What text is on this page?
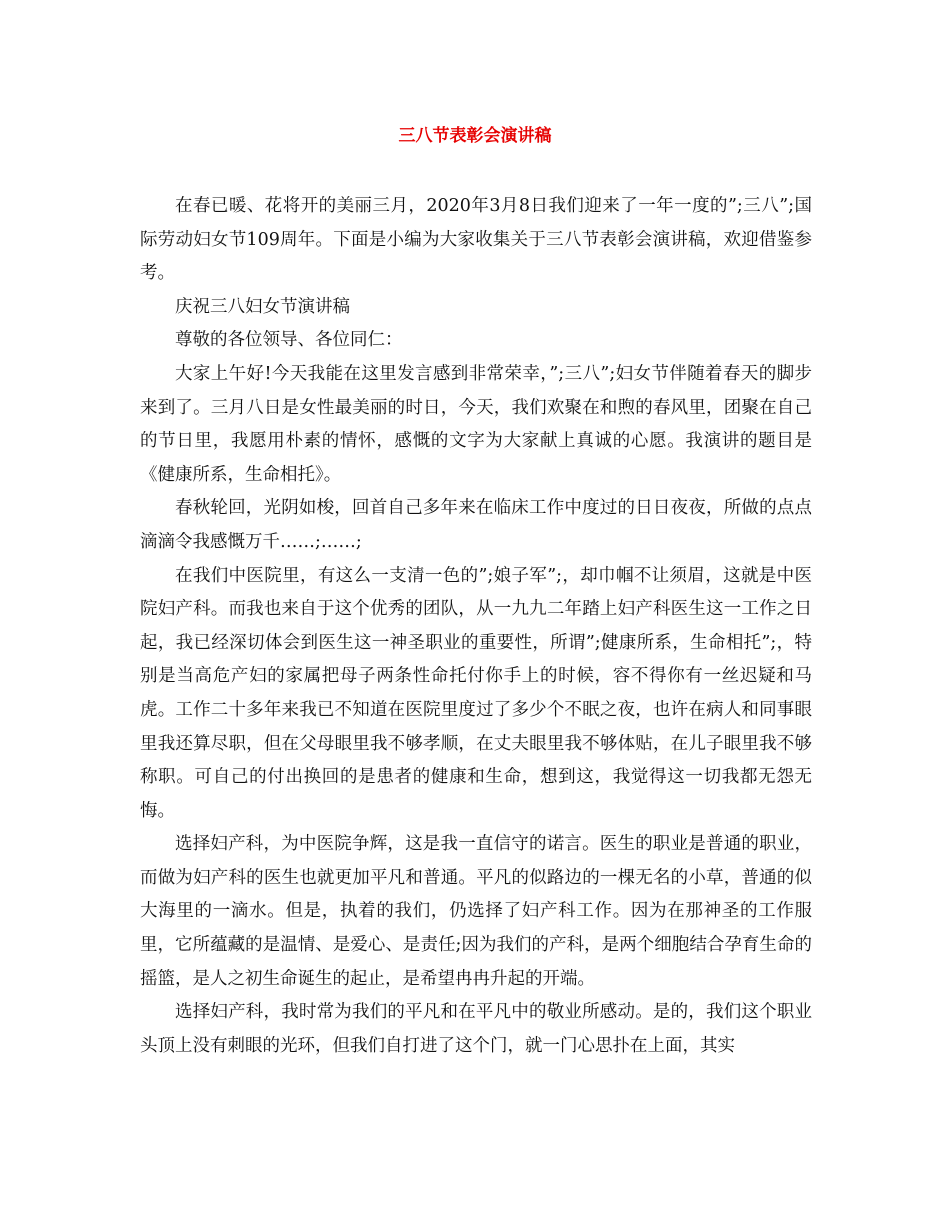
三八节表彰会演讲稿

在春已暖、花将开的美丽三月，2020年3月8日我们迎来了一年一度的”;三八”;国际劳动妇女节109周年。下面是小编为大家收集关于三八节表彰会演讲稿，欢迎借鉴参考。

庆祝三八妇女节演讲稿

尊敬的各位领导、各位同仁：

大家上午好!今天我能在这里发言感到非常荣幸，”;三八”;妇女节伴随着春天的脚步来到了。三月八日是女性最美丽的时日，今天，我们欢聚在和煦的春风里，团聚在自己的节日里，我愿用朴素的情怀，感慨的文字为大家献上真诚的心愿。我演讲的题目是《健康所系，生命相托》。

春秋轮回，光阴如梭，回首自己多年来在临床工作中度过的日日夜夜，所做的点点滴滴令我感慨万千……;……;

在我们中医院里，有这么一支清一色的”;娘子军”;，却巾帼不让须眉，这就是中医院妇产科。而我也来自于这个优秀的团队，从一九九二年踏上妇产科医生这一工作之日起，我已经深切体会到医生这一神圣职业的重要性，所谓”;健康所系，生命相托”;，特别是当高危产妇的家属把母子两条性命托付你手上的时候，容不得你有一丝迟疑和马虎。工作二十多年来我已不知道在医院里度过了多少个不眠之夜，也许在病人和同事眼里我还算尽职，但在父母眼里我不够孝顺，在丈夫眼里我不够体贴，在儿子眼里我不够称职。可自己的付出换回的是患者的健康和生命，想到这，我觉得这一切我都无怨无悔。

选择妇产科，为中医院争辉，这是我一直信守的诺言。医生的职业是普通的职业，而做为妇产科的医生也就更加平凡和普通。平凡的似路边的一棵无名的小草，普通的似大海里的一滴水。但是，执着的我们，仍选择了妇产科工作。因为在那神圣的工作服里，它所蕴藏的是温情、是爱心、是责任;因为我们的产科，是两个细胞结合孕育生命的摇篮，是人之初生命诞生的起止，是希望冉冉升起的开端。

选择妇产科，我时常为我们的平凡和在平凡中的敬业所感动。是的，我们这个职业头顶上没有刺眼的光环，但我们自打进了这个门，就一门心思扑在上面，其实
